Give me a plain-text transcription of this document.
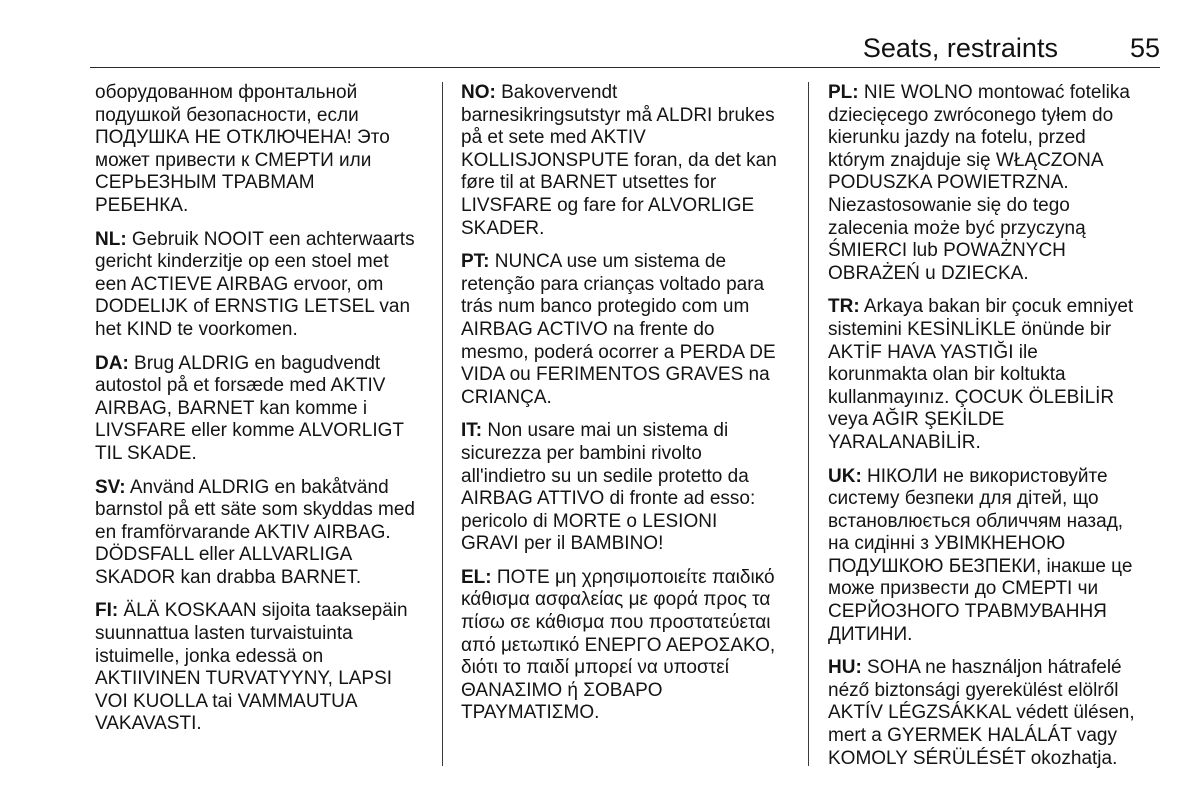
Seats, restraints	55

оборудованном фронтальной
подушкой безопасности, если
ПОДУШКА НЕ ОТКЛЮЧЕНА! Это
может привести к СМЕРТИ или
СЕРЬЕЗНЫМ ТРАВМАМ
РЕБЕНКА.

NL: Gebruik NOOIT een achterwaarts
gericht kinderzitje op een stoel met
een ACTIEVE AIRBAG ervoor, om
DODELIJK of ERNSTIG LETSEL van
het KIND te voorkomen.

DA: Brug ALDRIG en bagudvendt
autostol på et forsæde med AKTIV
AIRBAG, BARNET kan komme i
LIVSFARE eller komme ALVORLIGT
TIL SKADE.

SV: Använd ALDRIG en bakåtvänd
barnstol på ett säte som skyddas med
en framförvarande AKTIV AIRBAG.
DÖDSFALL eller ALLVARLIGA
SKADOR kan drabba BARNET.

FI: ÄLÄ KOSKAAN sijoita taaksepäin
suunnattua lasten turvaistuinta
istuimelle, jonka edessä on
AKTIIVINEN TURVATYYNY, LAPSI
VOI KUOLLA tai VAMMAUTUA
VAKAVASTI.

NO: Bakovervendt
barnesikringsutstyr må ALDRI brukes
på et sete med AKTIV
KOLLISJONSPUTE foran, da det kan
føre til at BARNET utsettes for
LIVSFARE og fare for ALVORLIGE
SKADER.

PT: NUNCA use um sistema de
retenção para crianças voltado para
trás num banco protegido com um
AIRBAG ACTIVO na frente do
mesmo, poderá ocorrer a PERDA DE
VIDA ou FERIMENTOS GRAVES na
CRIANÇA.

IT: Non usare mai un sistema di
sicurezza per bambini rivolto
all'indietro su un sedile protetto da
AIRBAG ATTIVO di fronte ad esso:
pericolo di MORTE o LESIONI
GRAVI per il BAMBINO!

EL: ΠΟΤΕ μη χρησιμοποιείτε παιδικό
κάθισμα ασφαλείας με φορά προς τα
πίσω σε κάθισμα που προστατεύεται
από μετωπικό ΕΝΕΡΓΟ ΑΕΡΟΣΑΚΟ,
διότι το παιδί μπορεί να υποστεί
ΘΑΝΑΣΙΜΟ ή ΣΟΒΑΡΟ
ΤΡΑΥΜΑΤΙΣΜΟ.

PL: NIE WOLNO montować fotelika
dziecięcego zwróconego tyłem do
kierunku jazdy na fotelu, przed
którym znajduje się WŁĄCZONA
PODUSZKA POWIETRZNA.
Niezastosowanie się do tego
zalecenia może być przyczyną
ŚMIERCI lub POWAŻNYCH
OBRAŻEŃ u DZIECKA.

TR: Arkaya bakan bir çocuk emniyet
sistemini KESİNLİKLE önünde bir
AKTİF HAVA YASTIĞI ile
korunmakta olan bir koltukta
kullanmayınız. ÇOCUK ÖLEBİLİR
veya AĞIR ŞEKİLDE
YARALANABİLİR.

UK: НІКОЛИ не використовуйте
систему безпеки для дітей, що
встановлюється обличчям назад,
на сидінні з УВІМКНЕНОЮ
ПОДУШКОЮ БЕЗПЕКИ, інакше це
може призвести до СМЕРТІ чи
СЕРЙОЗНОГО ТРАВМУВАННЯ
ДИТИНИ.

HU: SOHA ne használjon hátrafelé
néző biztonsági gyerekülést elölről
AKTÍV LÉGZSÁKKAL védett ülésen,
mert a GYERMEK HALÁLÁT vagy
KOMOLY SÉRÜLÉSÉT okozhatja.
